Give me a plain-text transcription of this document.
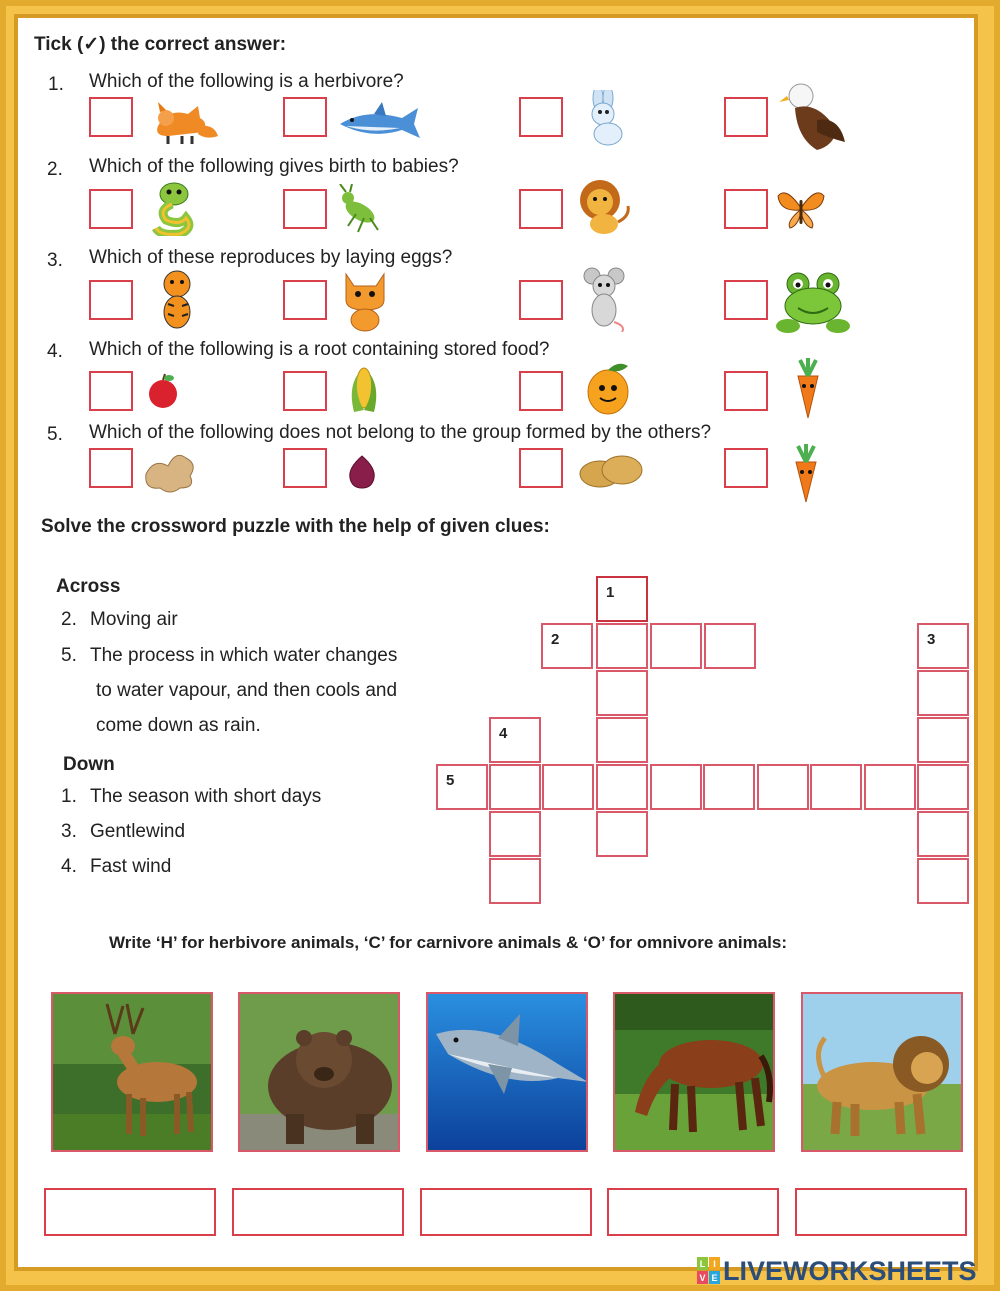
Tick (✓) the correct answer:
1. Which of the following is a herbivore?
2. Which of the following gives birth to babies?
3. Which of these reproduces by laying eggs?
4. Which of the following is a root containing stored food?
5. Which of the following does not belong to the group formed by the others?
Solve the crossword puzzle with the help of given clues:
Across
2. Moving air
5. The process in which water changes
to water vapour, and then cools and
come down as rain.
Down
1. The season with short days
3. Gentlewind
4. Fast wind
1
2	3
4
5
Write ‘H’ for herbivore animals, ‘C’ for carnivore animals & ‘O’ for omnivore animals:
L I
V E LIVEWORKSHEETS
